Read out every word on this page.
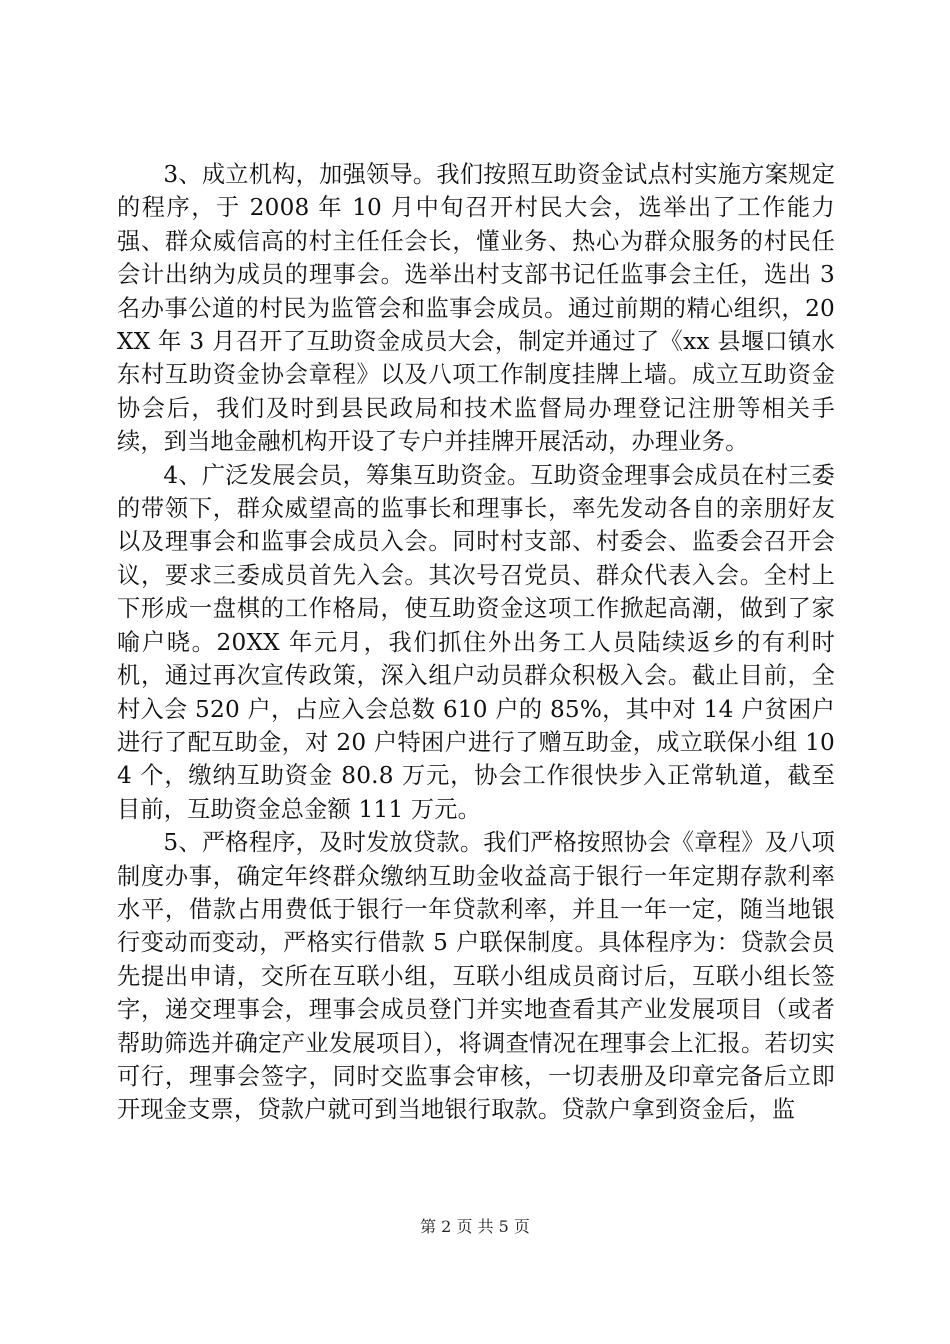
3、成立机构，加强领导。我们按照互助资金试点村实施方案规定的程序，于 2008 年 10 月中旬召开村民大会，选举出了工作能力强、群众威信高的村主任任会长，懂业务、热心为群众服务的村民任会计出纳为成员的理事会。选举出村支部书记任监事会主任，选出 3 名办事公道的村民为监管会和监事会成员。通过前期的精心组织，20XX 年 3 月召开了互助资金成员大会，制定并通过了《xx 县堰口镇水东村互助资金协会章程》以及八项工作制度挂牌上墙。成立互助资金协会后，我们及时到县民政局和技术监督局办理登记注册等相关手续，到当地金融机构开设了专户并挂牌开展活动，办理业务。

4、广泛发展会员，筹集互助资金。互助资金理事会成员在村三委的带领下，群众威望高的监事长和理事长，率先发动各自的亲朋好友以及理事会和监事会成员入会。同时村支部、村委会、监委会召开会议，要求三委成员首先入会。其次号召党员、群众代表入会。全村上下形成一盘棋的工作格局，使互助资金这项工作掀起高潮，做到了家喻户晓。20XX 年元月，我们抓住外出务工人员陆续返乡的有利时机，通过再次宣传政策，深入组户动员群众积极入会。截止目前，全村入会 520 户，占应入会总数 610 户的 85%，其中对 14 户贫困户进行了配互助金，对 20 户特困户进行了赠互助金，成立联保小组 104 个，缴纳互助资金 80.8 万元，协会工作很快步入正常轨道，截至目前，互助资金总金额 111 万元。

5、严格程序，及时发放贷款。我们严格按照协会《章程》及八项制度办事，确定年终群众缴纳互助金收益高于银行一年定期存款利率水平，借款占用费低于银行一年贷款利率，并且一年一定，随当地银行变动而变动，严格实行借款 5 户联保制度。具体程序为：贷款会员先提出申请，交所在互联小组，互联小组成员商讨后，互联小组长签字，递交理事会，理事会成员登门并实地查看其产业发展项目（或者帮助筛选并确定产业发展项目），将调查情况在理事会上汇报。若切实可行，理事会签字，同时交监事会审核，一切表册及印章完备后立即开现金支票，贷款户就可到当地银行取款。贷款户拿到资金后，监

第 2 页 共 5 页
